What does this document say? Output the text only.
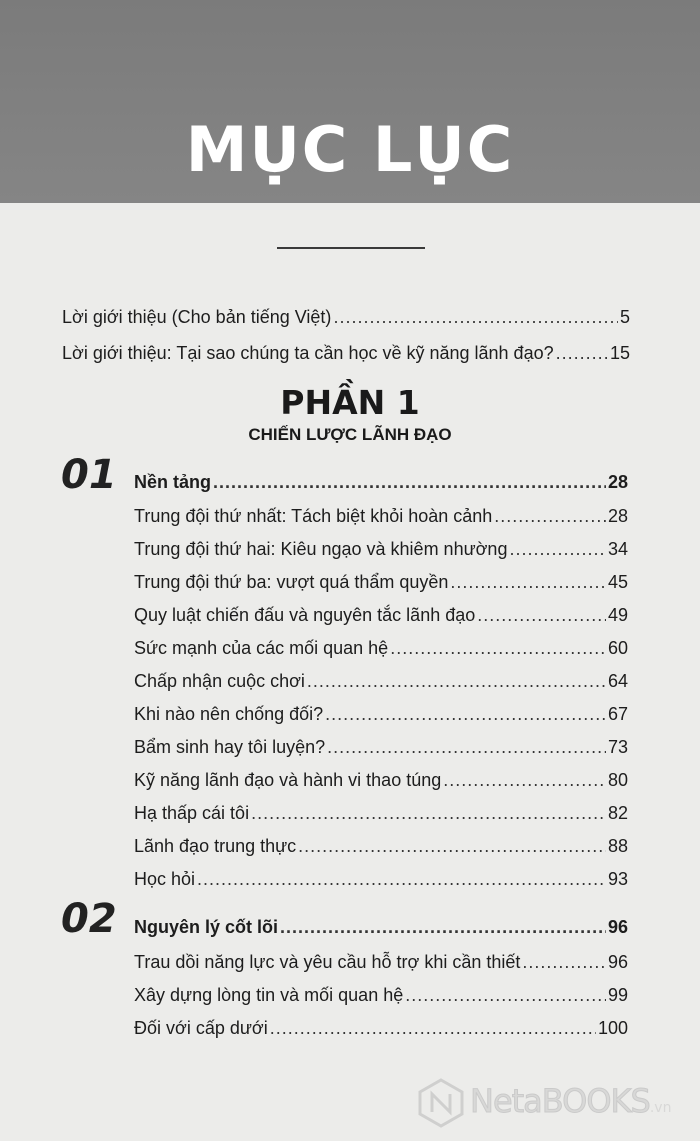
MỤC LỤC
Lời giới thiệu (Cho bản tiếng Việt) .....	5
Lời giới thiệu: Tại sao chúng ta cần học về kỹ năng lãnh đạo? .....	15
PHẦN 1
CHIẾN LƯỢC LÃNH ĐẠO
01 Nền tảng .....	28
Trung đội thứ nhất: Tách biệt khỏi hoàn cảnh .....	28
Trung đội thứ hai: Kiêu ngạo và khiêm nhường .....	34
Trung đội thứ ba: vượt quá thẩm quyền .....	45
Quy luật chiến đấu và nguyên tắc lãnh đạo .....	49
Sức mạnh của các mối quan hệ .....	60
Chấp nhận cuộc chơi .....	64
Khi nào nên chống đối? .....	67
Bẩm sinh hay tôi luyện? .....	73
Kỹ năng lãnh đạo và hành vi thao túng .....	80
Hạ thấp cái tôi .....	82
Lãnh đạo trung thực .....	88
Học hỏi .....	93
02 Nguyên lý cốt lõi .....	96
Trau dồi năng lực và yêu cầu hỗ trợ khi cần thiết .....	96
Xây dựng lòng tin và mối quan hệ .....	99
Đối với cấp dưới .....	100
NetaBOOKS.vn
